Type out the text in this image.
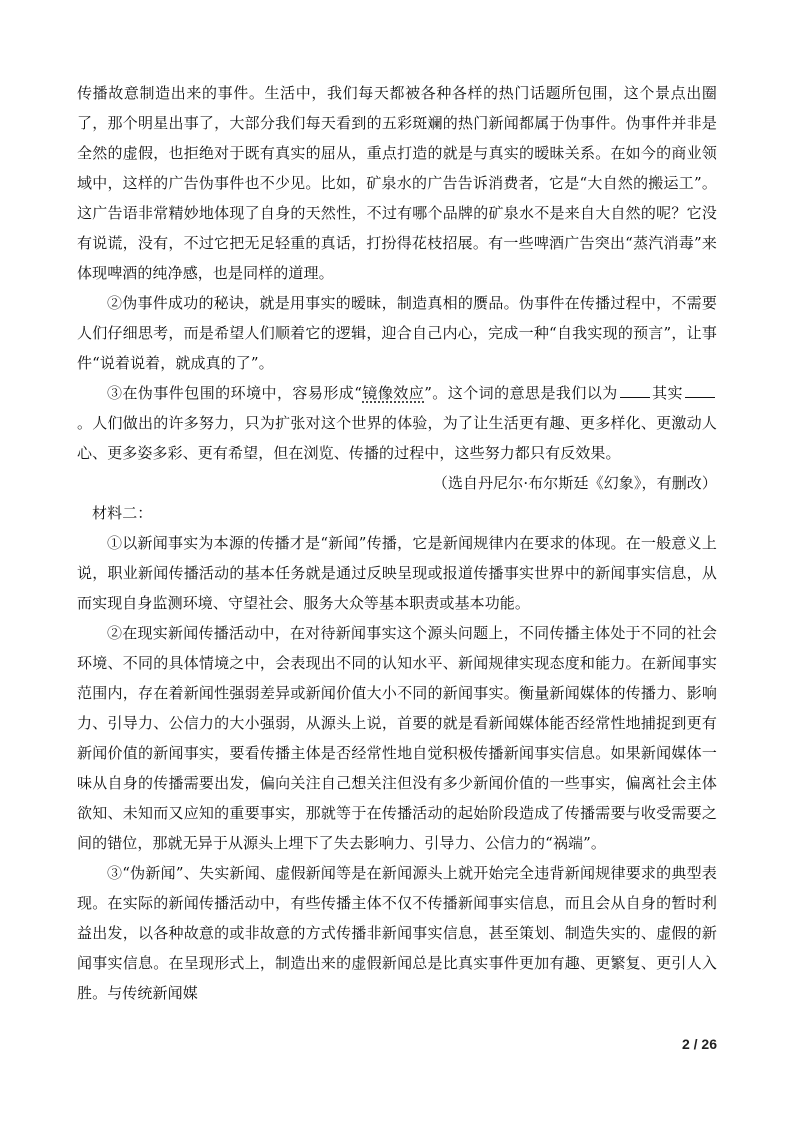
传播故意制造出来的事件。生活中，我们每天都被各种各样的热门话题所包围，这个景点出圈了，那个明星出事了，大部分我们每天看到的五彩斑斓的热门新闻都属于伪事件。伪事件并非是全然的虚假，也拒绝对于既有真实的屈从，重点打造的就是与真实的暧昧关系。在如今的商业领域中，这样的广告伪事件也不少见。比如，矿泉水的广告告诉消费者，它是“大自然的搬运工”。这广告语非常精妙地体现了自身的天然性，不过有哪个品牌的矿泉水不是来自大自然的呢？它没有说谎，没有，不过它把无足轻重的真话，打扮得花枝招展。有一些啤酒广告突出“蒸汽消毒”来体现啤酒的纯净感，也是同样的道理。

②伪事件成功的秘诀，就是用事实的暧昧，制造真相的赝品。伪事件在传播过程中，不需要人们仔细思考，而是希望人们顺着它的逻辑，迎合自己内心，完成一种“自我实现的预言”，让事件“说着说着，就成真的了”。

③在伪事件包围的环境中，容易形成“镜像效应”。这个词的意思是我们以为 其实。人们做出的许多努力，只为扩张对这个世界的体验，为了让生活更有趣、更多样化、更激动人心、更多姿多彩、更有希望，但在浏览、传播的过程中，这些努力都只有反效果。

（选自丹尼尔·布尔斯廷《幻象》，有删改）

材料二：

①以新闻事实为本源的传播才是“新闻”传播，它是新闻规律内在要求的体现。在一般意义上说，职业新闻传播活动的基本任务就是通过反映呈现或报道传播事实世界中的新闻事实信息，从而实现自身监测环境、守望社会、服务大众等基本职责或基本功能。

②在现实新闻传播活动中，在对待新闻事实这个源头问题上，不同传播主体处于不同的社会环境、不同的具体情境之中，会表现出不同的认知水平、新闻规律实现态度和能力。在新闻事实范围内，存在着新闻性强弱差异或新闻价值大小不同的新闻事实。衡量新闻媒体的传播力、影响力、引导力、公信力的大小强弱，从源头上说，首要的就是看新闻媒体能否经常性地捕捉到更有新闻价值的新闻事实，要看传播主体是否经常性地自觉积极传播新闻事实信息。如果新闻媒体一味从自身的传播需要出发，偏向关注自己想关注但没有多少新闻价值的一些事实，偏离社会主体欲知、未知而又应知的重要事实，那就等于在传播活动的起始阶段造成了传播需要与收受需要之间的错位，那就无异于从源头上埋下了失去影响力、引导力、公信力的“祸端”。

③“伪新闻”、失实新闻、虚假新闻等是在新闻源头上就开始完全违背新闻规律要求的典型表现。在实际的新闻传播活动中，有些传播主体不仅不传播新闻事实信息，而且会从自身的暂时利益出发，以各种故意的或非故意的方式传播非新闻事实信息，甚至策划、制造失实的、虚假的新闻事实信息。在呈现形式上，制造出来的虚假新闻总是比真实事件更加有趣、更繁复、更引人入胜。与传统新闻媒

2 / 26
